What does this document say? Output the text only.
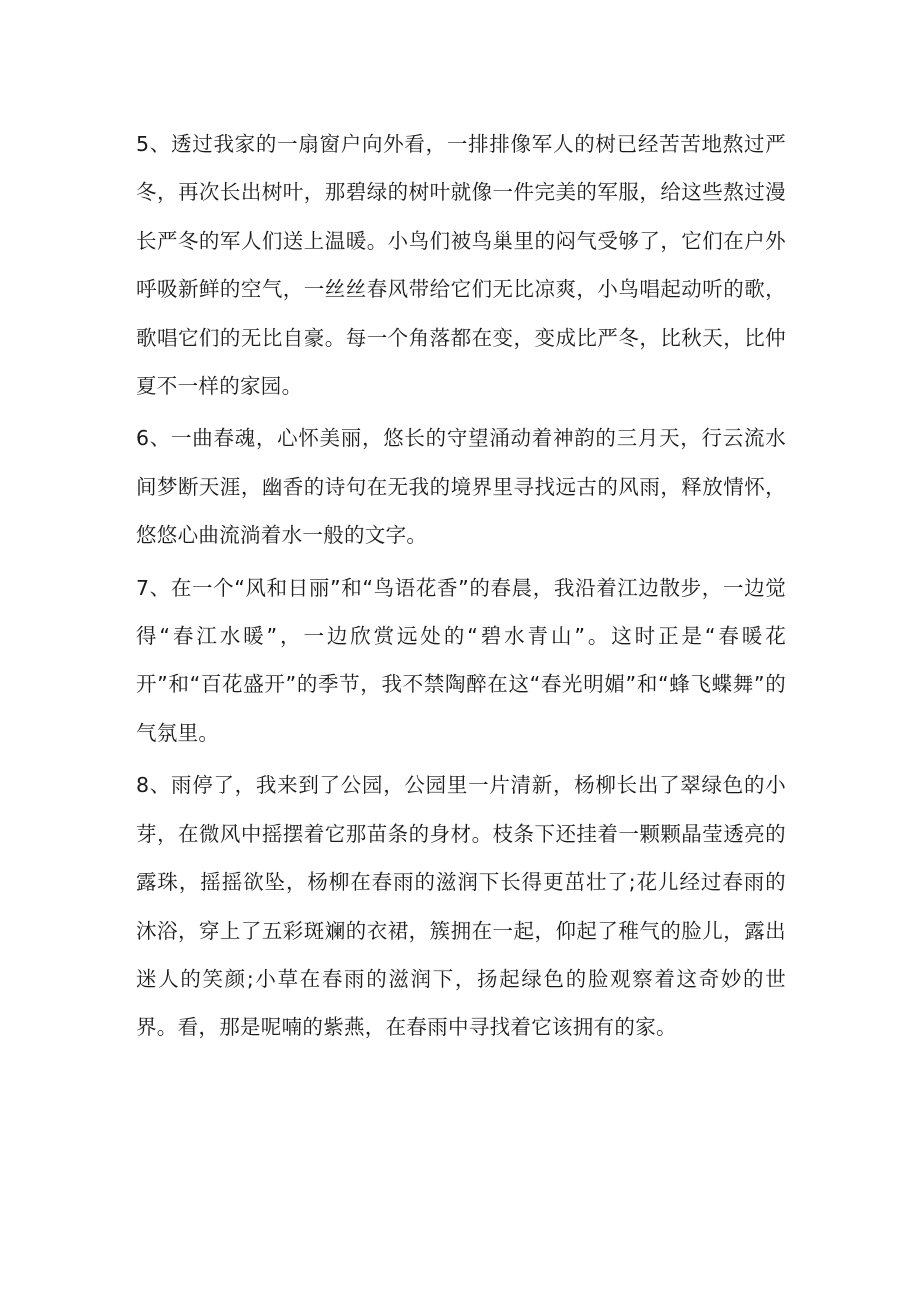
5、透过我家的一扇窗户向外看，一排排像军人的树已经苦苦地熬过严冬，再次长出树叶，那碧绿的树叶就像一件完美的军服，给这些熬过漫长严冬的军人们送上温暖。小鸟们被鸟巢里的闷气受够了，它们在户外呼吸新鲜的空气，一丝丝春风带给它们无比凉爽，小鸟唱起动听的歌，歌唱它们的无比自豪。每一个角落都在变，变成比严冬，比秋天，比仲夏不一样的家园。

6、一曲春魂，心怀美丽，悠长的守望涌动着神韵的三月天，行云流水间梦断天涯，幽香的诗句在无我的境界里寻找远古的风雨，释放情怀，悠悠心曲流淌着水一般的文字。

7、在一个“风和日丽”和“鸟语花香”的春晨，我沿着江边散步，一边觉得“春江水暖”，一边欣赏远处的“碧水青山”。这时正是“春暖花开”和“百花盛开”的季节，我不禁陶醉在这“春光明媚”和“蜂飞蝶舞”的气氛里。

8、雨停了，我来到了公园，公园里一片清新，杨柳长出了翠绿色的小芽，在微风中摇摆着它那苗条的身材。枝条下还挂着一颗颗晶莹透亮的露珠，摇摇欲坠，杨柳在春雨的滋润下长得更茁壮了;花儿经过春雨的沐浴，穿上了五彩斑斓的衣裙，簇拥在一起，仰起了稚气的脸儿，露出迷人的笑颜;小草在春雨的滋润下，扬起绿色的脸观察着这奇妙的世界。看，那是呢喃的紫燕，在春雨中寻找着它该拥有的家。
